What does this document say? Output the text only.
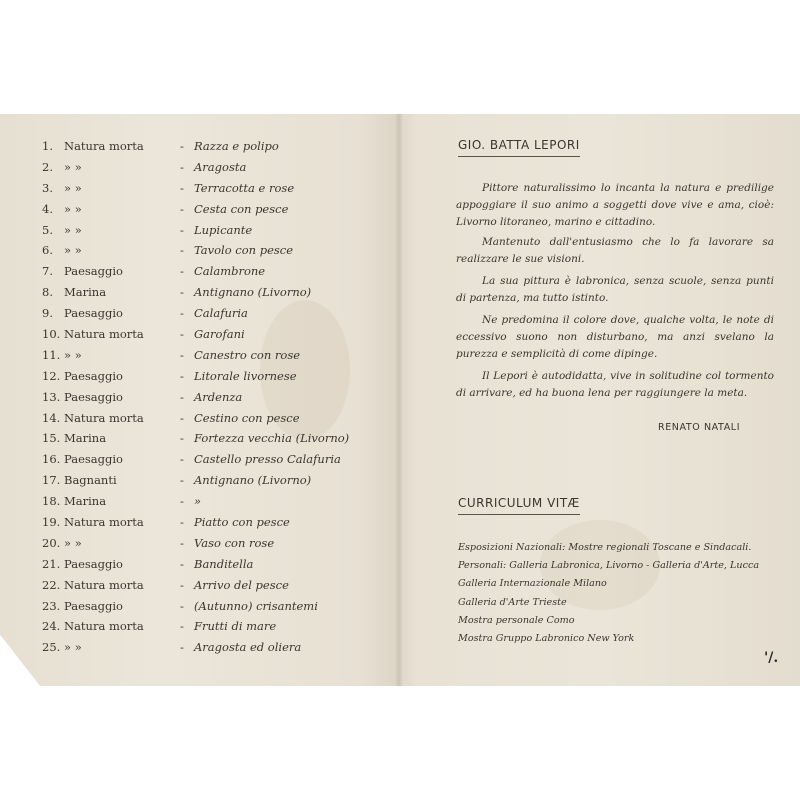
1. Natura morta	- Razza e polipo
2. » »	- Aragosta
3. » »	- Terracotta e rose
4. » »	- Cesta con pesce
5. » »	- Lupicante
6. » »	- Tavolo con pesce
7. Paesaggio	- Calambrone
8. Marina	- Antignano (Livorno)
9. Paesaggio	- Calafuria
10. Natura morta	- Garofani
11. » »	- Canestro con rose
12. Paesaggio	- Litorale livornese
13. Paesaggio	- Ardenza
14. Natura morta	- Cestino con pesce
15. Marina	- Fortezza vecchia (Livorno)
16. Paesaggio	- Castello presso Calafuria
17. Bagnanti	- Antignano (Livorno)
18. Marina	- »
19. Natura morta	- Piatto con pesce
20. » »	- Vaso con rose
21. Paesaggio	- Banditella
22. Natura morta	- Arrivo del pesce
23. Paesaggio	- (Autunno) crisantemi
24. Natura morta	- Frutti di mare
25. » »	- Aragosta ed oliera
GIO. BATTA LEPORI

Pittore naturalissimo lo incanta la natura e predilige appoggiare il suo animo a soggetti dove vive e ama, cioè: Livorno litoraneo, marino e cittadino.

Mantenuto dall'entusiasmo che lo fa lavorare sa realizzare le sue visioni.

La sua pittura è labronica, senza scuole, senza punti di partenza, ma tutto istinto.

Ne predomina il colore dove, qualche volta, le note di eccessivo suono non disturbano, ma anzi svelano la purezza e semplicità di come dipinge.

Il Lepori è autodidatta, vive in solitudine col tormento di arrivare, ed ha buona lena per raggiungere la meta.

RENATO NATALI
CURRICULUM VITÆ
Esposizioni Nazionali: Mostre regionali Toscane e Sindacali.
Personali: Galleria Labronica, Livorno - Galleria d'Arte, Lucca
Galleria Internazionale Milano
Galleria d'Arte Trieste
Mostra personale Como
Mostra Gruppo Labronico New York
'/.
